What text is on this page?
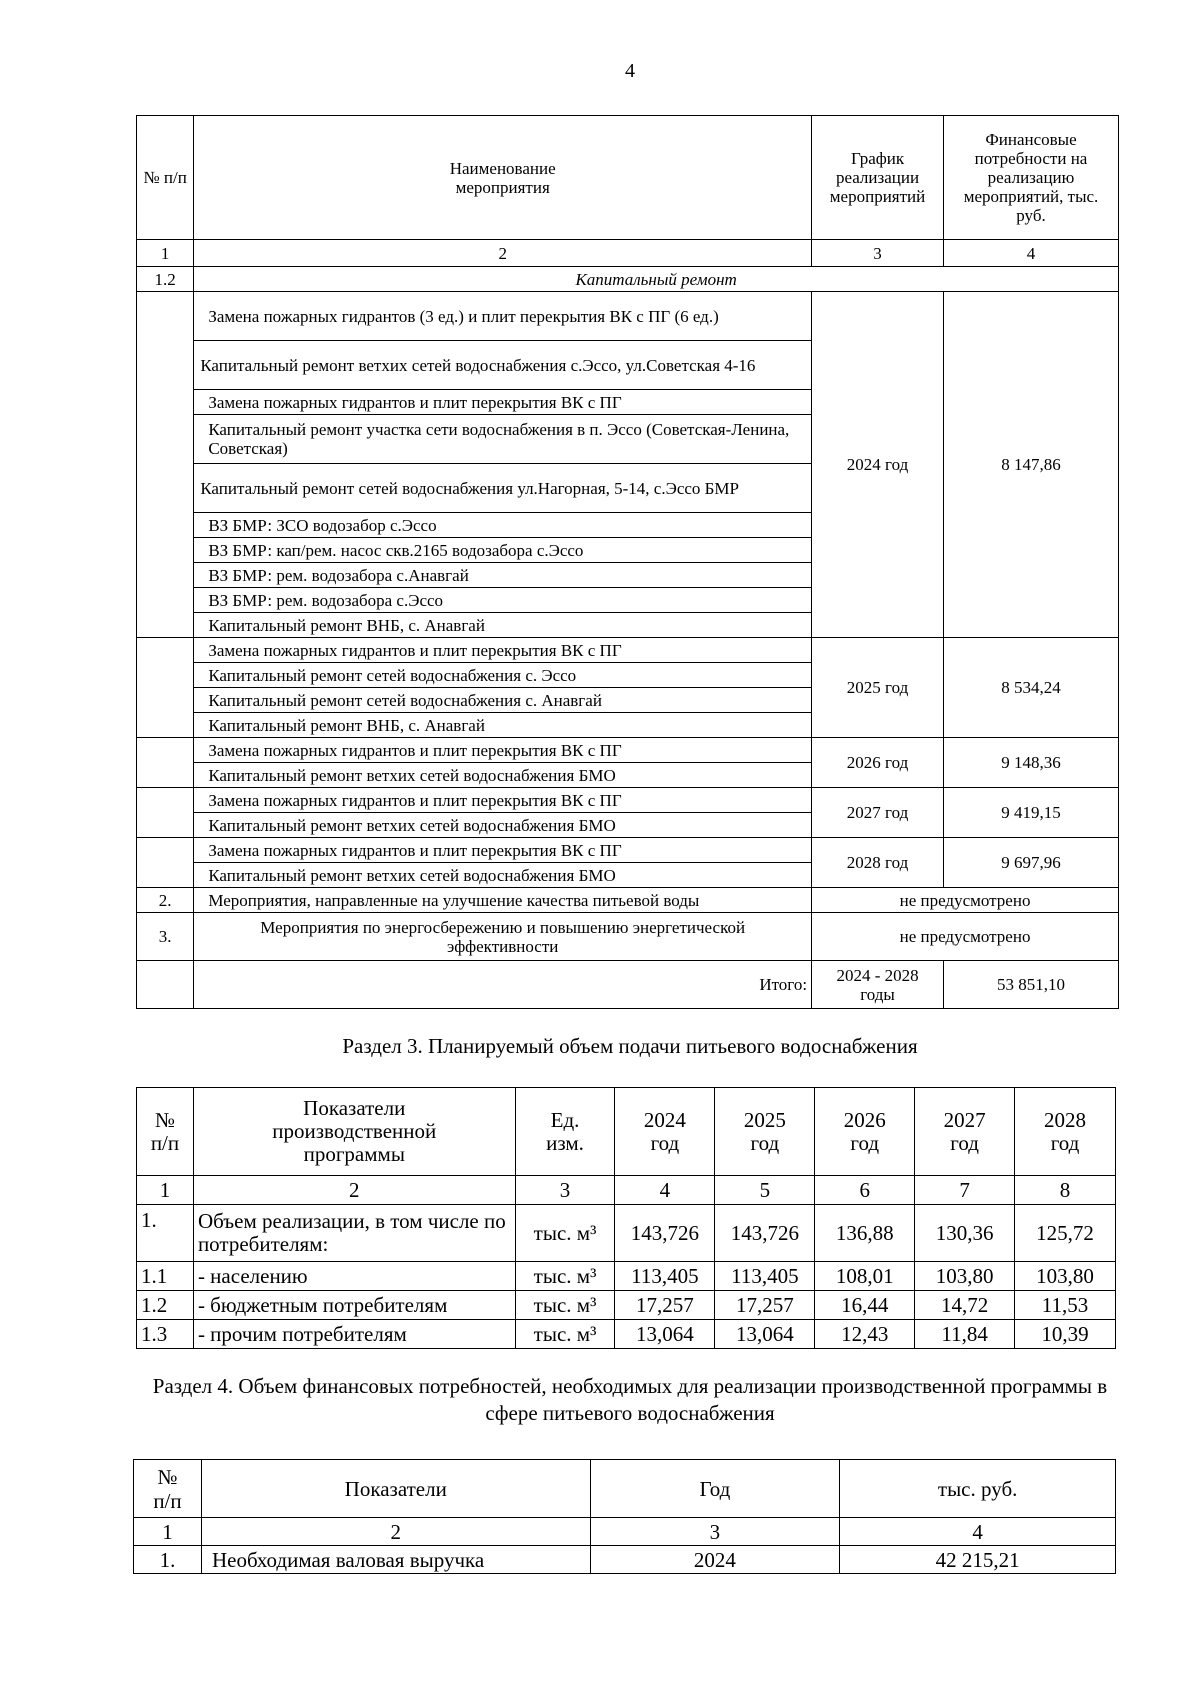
4
№ п/п	Наименование мероприятия	График реализации мероприятий	Финансовые потребности на реализацию мероприятий, тыс. руб.

1	2	3	4
1.2	Капитальный ремонт		
	Замена пожарных гидрантов (3 ед.) и плит перекрытия ВК с ПГ (6 ед.)	2024 год	8 147,86
	Капитальный ремонт ветхих сетей водоснабжения с.Эссо, ул.Советская 4-16		
	Замена пожарных гидрантов и плит перекрытия ВК с ПГ		
	Капитальный ремонт участка сети водоснабжения в п. Эссо (Советская-Ленина, Советская)		
	Капитальный ремонт сетей водоснабжения ул.Нагорная, 5-14, с.Эссо БМР		
	ВЗ БМР: ЗСО водозабор с.Эссо		
	ВЗ БМР: кап/рем. насос скв.2165 водозабора с.Эссо		
	ВЗ БМР: рем. водозабора с.Анавгай		
	ВЗ БМР: рем. водозабора с.Эссо		
	Капитальный ремонт ВНБ, с. Анавгай		
	Замена пожарных гидрантов и плит перекрытия ВК с ПГ	2025 год	8 534,24
	Капитальный ремонт сетей водоснабжения с. Эссо		
	Капитальный ремонт сетей водоснабжения с. Анавгай		
	Капитальный ремонт ВНБ, с. Анавгай		
	Замена пожарных гидрантов и плит перекрытия ВК с ПГ	2026 год	9 148,36
	Капитальный ремонт ветхих сетей водоснабжения БМО		
	Замена пожарных гидрантов и плит перекрытия ВК с ПГ	2027 год	9 419,15
	Капитальный ремонт ветхих сетей водоснабжения БМО		
	Замена пожарных гидрантов и плит перекрытия ВК с ПГ	2028 год	9 697,96
	Капитальный ремонт ветхих сетей водоснабжения БМО		
2.	Мероприятия, направленные на улучшение качества питьевой воды	не предусмотрено	
3.	Мероприятия по энергосбережению и повышению энергетической эффективности	не предусмотрено	
	Итого:	2024 - 2028 годы	53 851,10
Раздел 3. Планируемый объем подачи питьевого водоснабжения
№ п/п	Показатели производственной программы	Ед. изм.	2024 год	2025 год	2026 год	2027 год	2028 год

1	2	3	4	5	6	7	8
1.	Объем реализации, в том числе по потребителям:	тыс. м³	143,726	143,726	136,88	130,36	125,72
1.1	- населению	тыс. м³	113,405	113,405	108,01	103,80	103,80
1.2	- бюджетным потребителям	тыс. м³	17,257	17,257	16,44	14,72	11,53
1.3	- прочим потребителям	тыс. м³	13,064	13,064	12,43	11,84	10,39
Раздел 4. Объем финансовых потребностей, необходимых для реализации производственной программы в сфере питьевого водоснабжения
№ п/п	Показатели	Год	тыс. руб.
1	2	3	4
1.	Необходимая валовая выручка	2024	42 215,21
